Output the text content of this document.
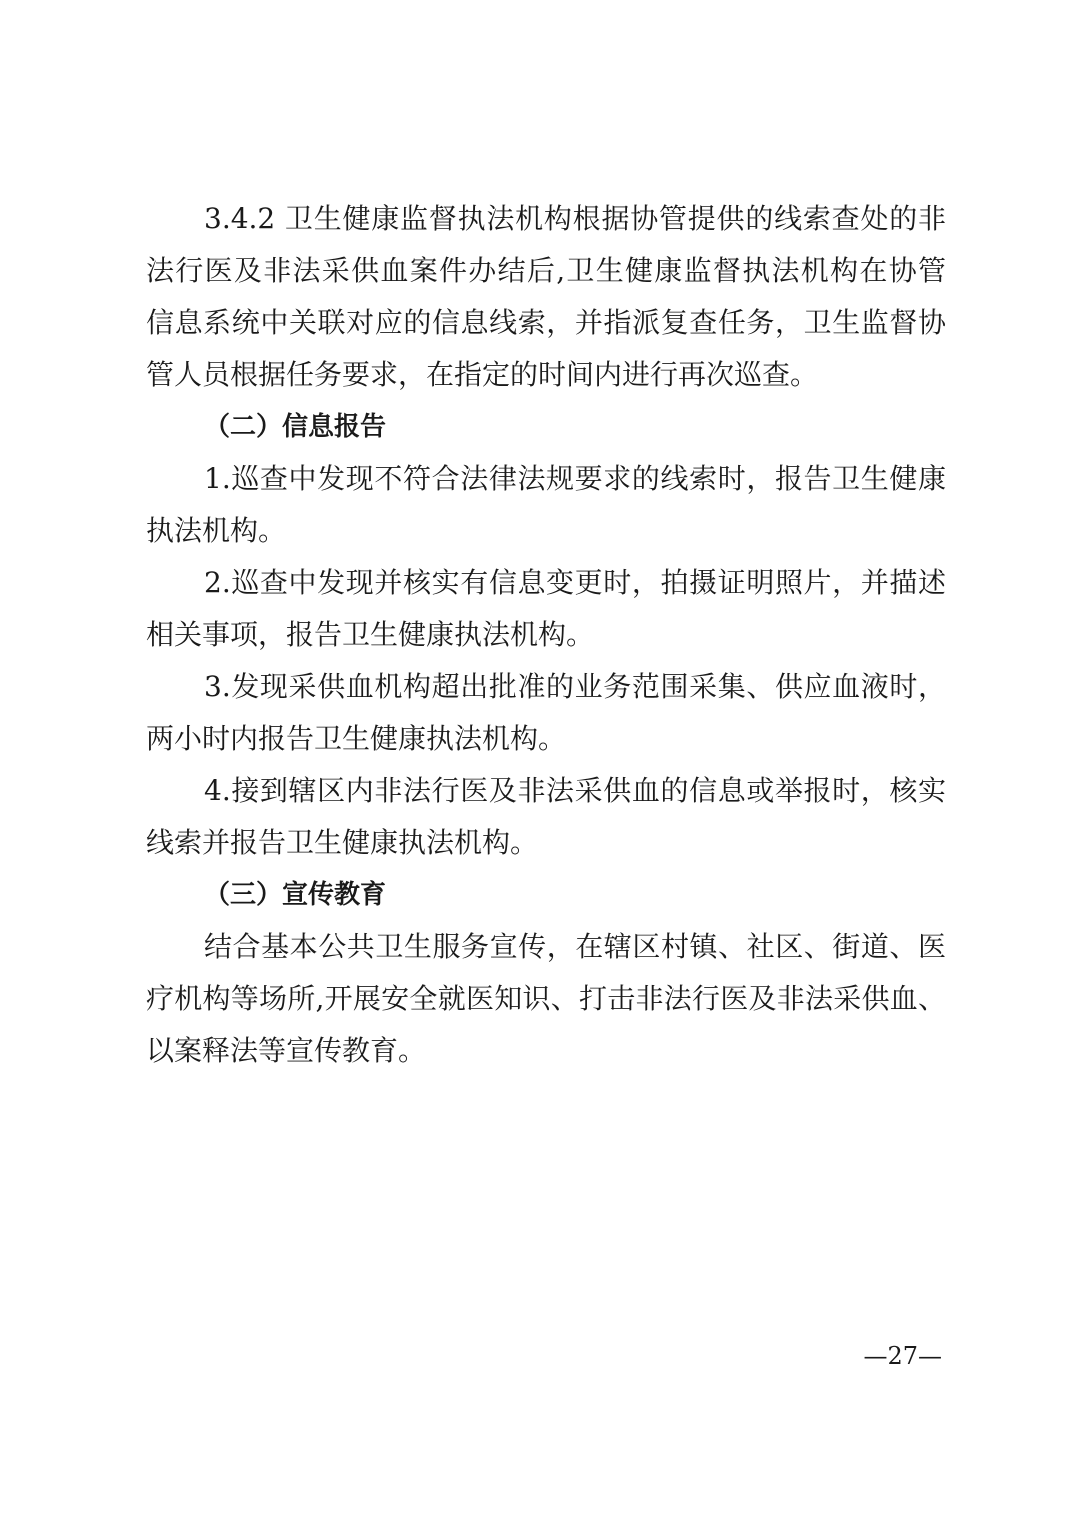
3.4.2 卫生健康监督执法机构根据协管提供的线索查处的非
法行医及非法采供血案件办结后,卫生健康监督执法机构在协管
信息系统中关联对应的信息线索，并指派复查任务，卫生监督协
管人员根据任务要求，在指定的时间内进行再次巡查。
（二）信息报告
1.巡查中发现不符合法律法规要求的线索时，报告卫生健康
执法机构。
2.巡查中发现并核实有信息变更时，拍摄证明照片，并描述
相关事项，报告卫生健康执法机构。
3.发现采供血机构超出批准的业务范围采集、供应血液时，
两小时内报告卫生健康执法机构。
4.接到辖区内非法行医及非法采供血的信息或举报时，核实
线索并报告卫生健康执法机构。
（三）宣传教育
结合基本公共卫生服务宣传，在辖区村镇、社区、街道、医
疗机构等场所,开展安全就医知识、打击非法行医及非法采供血、
以案释法等宣传教育。
—27—
